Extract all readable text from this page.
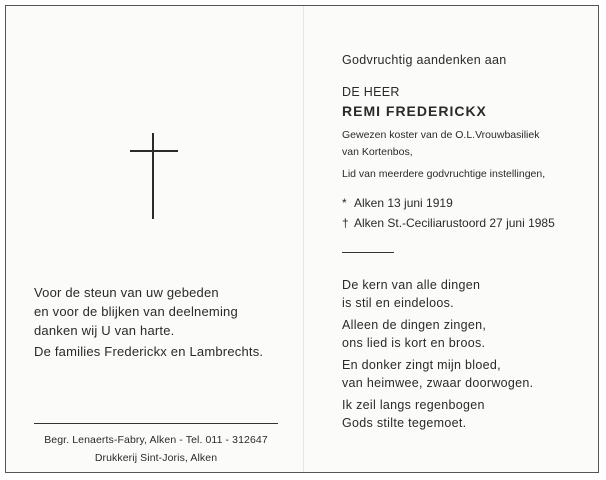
Voor de steun van uw gebeden
en voor de blijken van deelneming
danken wij U van harte.
De families Frederickx en Lambrechts.
Begr. Lenaerts-Fabry, Alken - Tel. 011 - 312647
Drukkerij Sint-Joris, Alken
Godvruchtig aandenken aan
DE HEER
REMI FREDERICKX
Gewezen koster van de O.L.Vrouwbasiliek
van Kortenbos,
Lid van meerdere godvruchtige instellingen,
* Alken 13 juni 1919
† Alken St.-Ceciliarustoord 27 juni 1985
De kern van alle dingen
is stil en eindeloos.
Alleen de dingen zingen,
ons lied is kort en broos.
En donker zingt mijn bloed,
van heimwee, zwaar doorwogen.
Ik zeil langs regenbogen
Gods stilte tegemoet.
